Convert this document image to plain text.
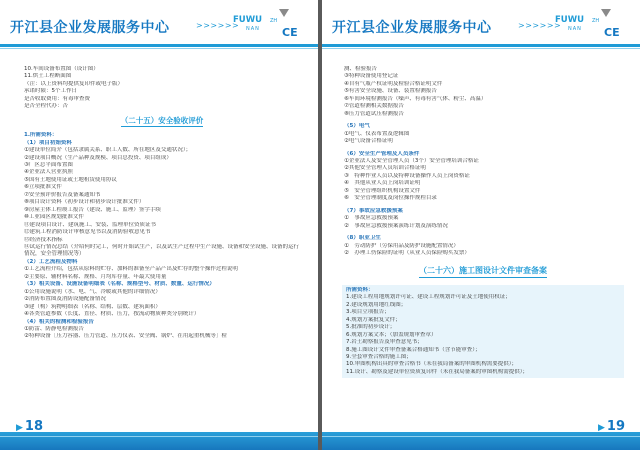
开江县企业发展服务中心	>>>>>>
FUWU ZH
NAN CE
10.车间设备布置图（设计图）
11.烘土工程断面图
（注：以上资料均提供复印件或电子版）
承诺时限：5个工作日
是否收取费用：有毒审查费
是否全程代办：否
（二十五）安全验收评价
1.所需资料：
（1）项目初始资料
①建设单位简介（包括隶属关系、职工人数、所在地区及交通状况）；
②建设项目概况（生产品种及规模、项目总投资、项目组成）
③厂区总平面布置图
④企业法人营业执照
⑤国有土地使用证或土地租赁使用协议
⑥立项批准文件
⑦安全预评价报告及备案通知书
⑧项目设计资料（初步设计和初步设计批准文件）
⑨房屋主体工程竣工报告（建设、施工、监理）签字手续
⑩工业园区规划批准文件
⑪建设项目设计、建筑施工、安装、监理单位资质证书
⑫建筑工程消防设计审核意见书以及消防验收意见书
⑬经济技术指标
⑭试运行情况总结（介绍何时完工，何时开始试生产，以及试生产过程中生产设施、设备和安全设施、设备的运行情况，安全管理情况等）
（2）工艺流程及物料
①工艺流程介绍，包括从原料的贮存、加料的准备至产品产出及贮存的整个操作过程说明
②主要原、辅材料名称、规格、月均库存量、年最大使用量
（3）相关设备、设施设备明细表（名称、规格型号、材质、数量、运行情况）
①公用设施说明（水、电、气、冷暖或其他的详细情况）
②消防布置图及消防设施配备情况
③建（构）筑物明细表（名称、结构、层数、建筑面积）
④各类管道参数（长度、直径、材质、压力，按流动物质种类分别统计）
（4）相关的检测和检验报告
①防雷、防静电检测报告
②特种设备［压力容器、压力管道、压力仪表、安全阀、锅炉、在用起重机械等］检
▶ 18
开江县企业发展服务中心	>>>>>>
FUWU ZH
NAN CE
测、检验报告
③特种设备使用登记证
④自有气瓶产权证明及检验合格证明文件
⑤有害安全设施、设备、装置检测报告
⑥车间环境检测报告（噪声、有毒有害气体、粉尘、高温）
⑦管道检测相关数据报告
⑧压力管道试压检测报告
（5）电气
①电气、仪表布置及逻辑图
②电气设备合格证明
（6）安全生产管理及人员条件
①企业法人及安全管理人员（3个）安全管理培训合格证
②其他安全管理人员培训合格证明
③　特种作业人员以及特种设备操作人员上岗资格证
④　其他从业人员上岗培训证明
⑤　安全管理组织机构设置文件
⑥　安全管理制度及岗位操作规程目录
（7）事故应急救援预案
①　事故应急救援预案
②　事故应急救援预案演练计划及演练情况
（8）职业卫生
①　劳动防护（劳保用品及防护设施配置情况）
②　办理工伤保险的证明（从业人员保险购买发票）
（二十六）施工图设计文件审查备案
所需资料：
1.建设工程用地规划许可证、建设工程规划许可证及土地使用权证；
2.建设规划用地红线图；
3.项目立项报告；
4.规划方案批复文件；
5.批准的初步设计；
6.规划方案文本；（加盖规划审查章）
7.岩土勘察报告及审查意见书；
8.施工图设计文件审查备案合格通知书（含节能审查）；
9.全套审查合格的施工图；
10.审图机构出具的审查合格书（未在我局备案的审图机构需要提供）；
11.设计、勘察及建设单位资质复印件（未在我局备案的审图机构需提供）；
▶ 19
